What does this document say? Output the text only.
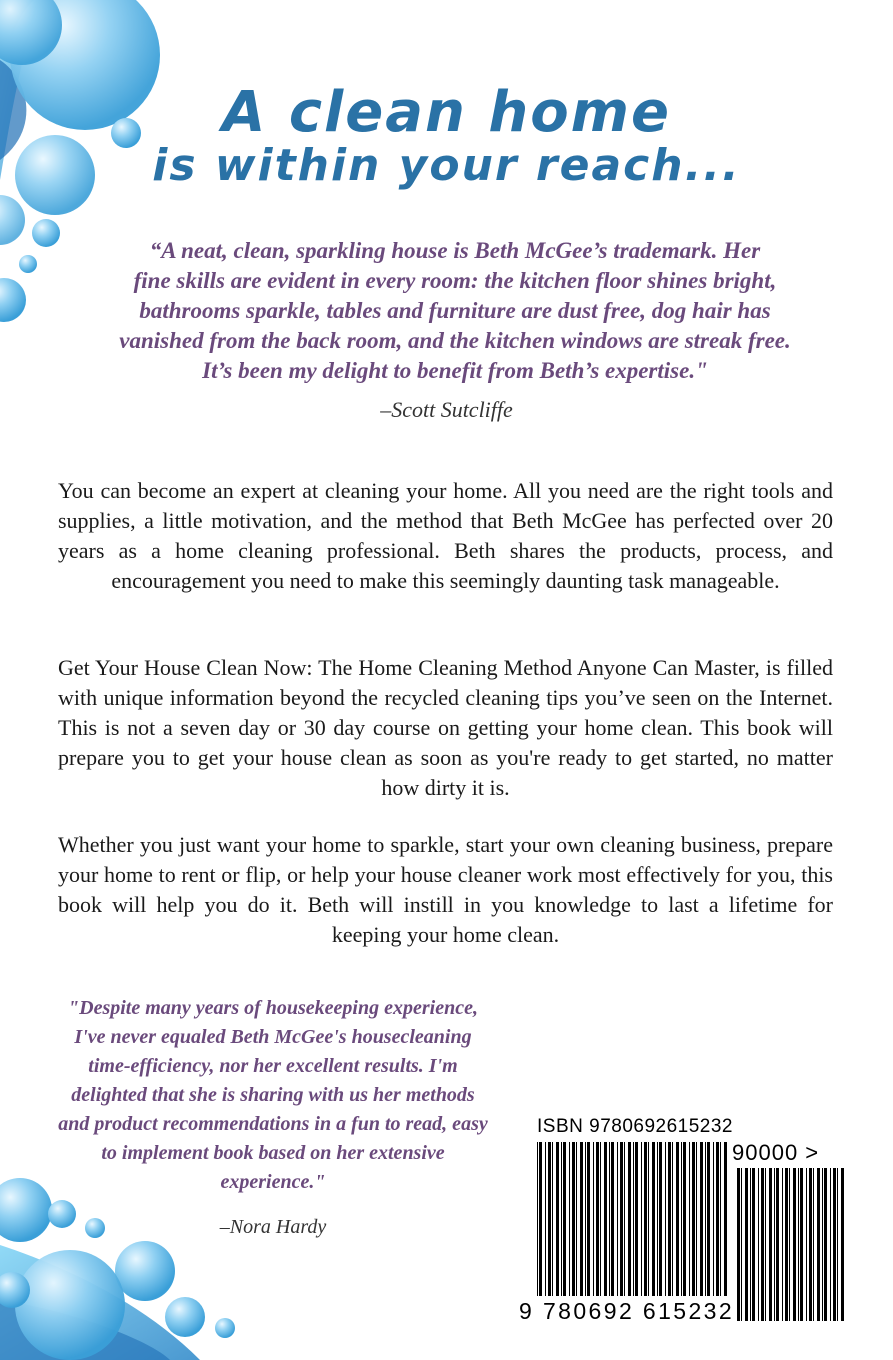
A clean home
is within your reach...

“A neat, clean, sparkling house is Beth McGee’s trademark. Her
fine skills are evident in every room: the kitchen floor shines bright,
bathrooms sparkle, tables and furniture are dust free, dog hair has
vanished from the back room, and the kitchen windows are streak free.
It’s been my delight to benefit from Beth’s expertise."

–Scott Sutcliffe

You can become an expert at cleaning your home. All you need are the right tools and supplies, a little motivation, and the method that Beth McGee has perfected over 20 years as a home cleaning professional. Beth shares the products, process, and encouragement you need to make this seemingly daunting task manageable.

Get Your House Clean Now: The Home Cleaning Method Anyone Can Master, is filled with unique information beyond the recycled cleaning tips you’ve seen on the Internet. This is not a seven day or 30 day course on getting your home clean. This book will prepare you to get your house clean as soon as you're ready to get started, no matter how dirty it is.

Whether you just want your home to sparkle, start your own cleaning business, prepare your home to rent or flip, or help your house cleaner work most effectively for you, this book will help you do it. Beth will instill in you knowledge to last a lifetime for keeping your home clean.

"Despite many years of housekeeping experience, I've never equaled Beth McGee's housecleaning time-efficiency, nor her excellent results. I'm delighted that she is sharing with us her methods and product recommendations in a fun to read, easy to implement book based on her extensive experience."

–Nora Hardy

ISBN 9780692615232
90000 >
9 780692 615232
